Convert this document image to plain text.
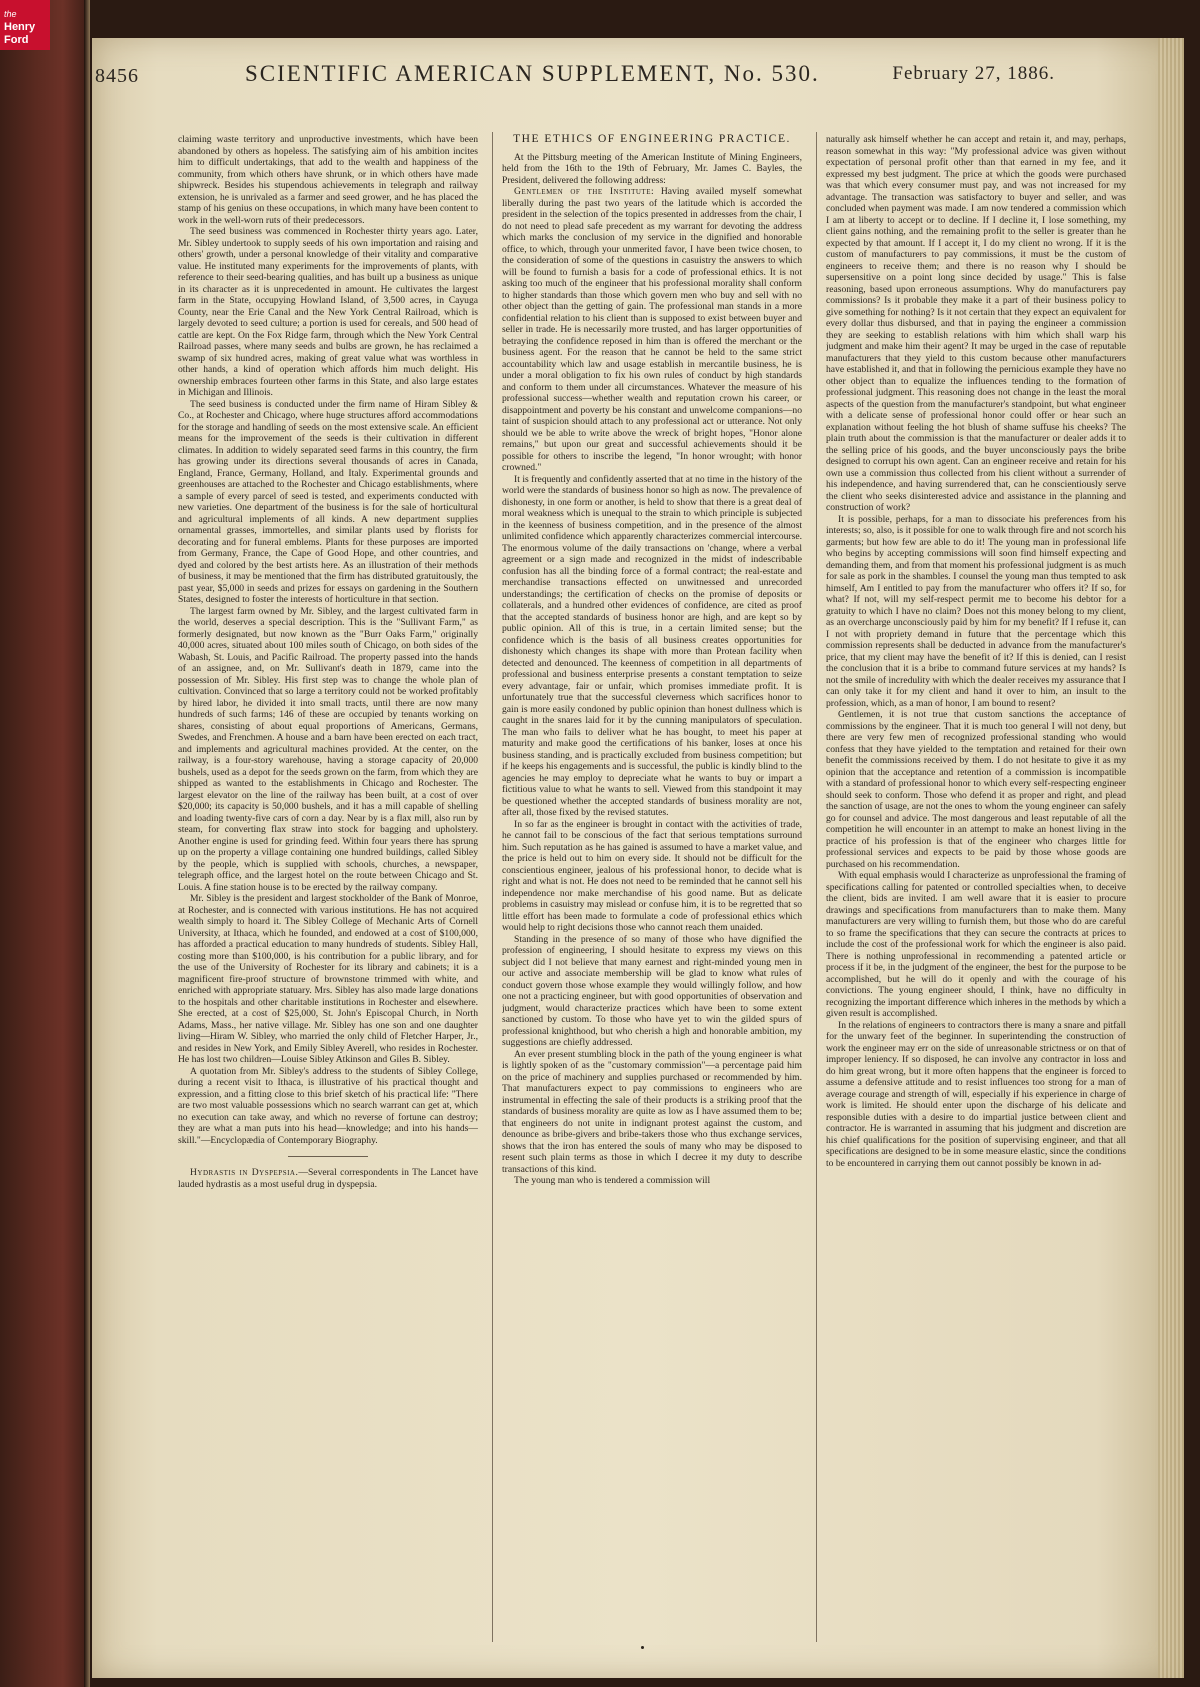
the
Henry
Ford
8456	SCIENTIFIC AMERICAN SUPPLEMENT, No. 530.	February 27, 1886.

claiming waste territory and unproductive investments, which have been abandoned by others as hopeless. The satisfying aim of his ambition incites him to difficult undertakings, that add to the wealth and happiness of the community, from which others have shrunk, or in which others have made shipwreck. Besides his stupendous achievements in telegraph and railway extension, he is unrivaled as a farmer and seed grower, and he has placed the stamp of his genius on these occupations, in which many have been content to work in the well-worn ruts of their predecessors.

The seed business was commenced in Rochester thirty years ago. Later, Mr. Sibley undertook to supply seeds of his own importation and raising and others' growth, under a personal knowledge of their vitality and comparative value. He instituted many experiments for the improvements of plants, with reference to their seed-bearing qualities, and has built up a business as unique in its character as it is unprecedented in amount. He cultivates the largest farm in the State, occupying Howland Island, of 3,500 acres, in Cayuga County, near the Erie Canal and the New York Central Railroad, which is largely devoted to seed culture; a portion is used for cereals, and 500 head of cattle are kept. On the Fox Ridge farm, through which the New York Central Railroad passes, where many seeds and bulbs are grown, he has reclaimed a swamp of six hundred acres, making of great value what was worthless in other hands, a kind of operation which affords him much delight. His ownership embraces fourteen other farms in this State, and also large estates in Michigan and Illinois.

The seed business is conducted under the firm name of Hiram Sibley & Co., at Rochester and Chicago, where huge structures afford accommodations for the storage and handling of seeds on the most extensive scale. An efficient means for the improvement of the seeds is their cultivation in different climates. In addition to widely separated seed farms in this country, the firm has growing under its directions several thousands of acres in Canada, England, France, Germany, Holland, and Italy. Experimental grounds and greenhouses are attached to the Rochester and Chicago establishments, where a sample of every parcel of seed is tested, and experiments conducted with new varieties. One department of the business is for the sale of horticultural and agricultural implements of all kinds. A new department supplies ornamental grasses, immortelles, and similar plants used by florists for decorating and for funeral emblems. Plants for these purposes are imported from Germany, France, the Cape of Good Hope, and other countries, and dyed and colored by the best artists here. As an illustration of their methods of business, it may be mentioned that the firm has distributed gratuitously, the past year, $5,000 in seeds and prizes for essays on gardening in the Southern States, designed to foster the interests of horticulture in that section.

The largest farm owned by Mr. Sibley, and the largest cultivated farm in the world, deserves a special description. This is the "Sullivant Farm," as formerly designated, but now known as the "Burr Oaks Farm," originally 40,000 acres, situated about 100 miles south of Chicago, on both sides of the Wabash, St. Louis, and Pacific Railroad. The property passed into the hands of an assignee, and, on Mr. Sullivant's death in 1879, came into the possession of Mr. Sibley. His first step was to change the whole plan of cultivation. Convinced that so large a territory could not be worked profitably by hired labor, he divided it into small tracts, until there are now many hundreds of such farms; 146 of these are occupied by tenants working on shares, consisting of about equal proportions of Americans, Germans, Swedes, and Frenchmen. A house and a barn have been erected on each tract, and implements and agricultural machines provided. At the center, on the railway, is a four-story warehouse, having a storage capacity of 20,000 bushels, used as a depot for the seeds grown on the farm, from which they are shipped as wanted to the establishments in Chicago and Rochester. The largest elevator on the line of the railway has been built, at a cost of over $20,000; its capacity is 50,000 bushels, and it has a mill capable of shelling and loading twenty-five cars of corn a day. Near by is a flax mill, also run by steam, for converting flax straw into stock for bagging and upholstery. Another engine is used for grinding feed. Within four years there has sprung up on the property a village containing one hundred buildings, called Sibley by the people, which is supplied with schools, churches, a newspaper, telegraph office, and the largest hotel on the route between Chicago and St. Louis. A fine station house is to be erected by the railway company.

Mr. Sibley is the president and largest stockholder of the Bank of Monroe, at Rochester, and is connected with various institutions. He has not acquired wealth simply to hoard it. The Sibley College of Mechanic Arts of Cornell University, at Ithaca, which he founded, and endowed at a cost of $100,000, has afforded a practical education to many hundreds of students. Sibley Hall, costing more than $100,000, is his contribution for a public library, and for the use of the University of Rochester for its library and cabinets; it is a magnificent fire-proof structure of brownstone trimmed with white, and enriched with appropriate statuary. Mrs. Sibley has also made large donations to the hospitals and other charitable institutions in Rochester and elsewhere. She erected, at a cost of $25,000, St. John's Episcopal Church, in North Adams, Mass., her native village. Mr. Sibley has one son and one daughter living—Hiram W. Sibley, who married the only child of Fletcher Harper, Jr., and resides in New York, and Emily Sibley Averell, who resides in Rochester. He has lost two children—Louise Sibley Atkinson and Giles B. Sibley.

A quotation from Mr. Sibley's address to the students of Sibley College, during a recent visit to Ithaca, is illustrative of his practical thought and expression, and a fitting close to this brief sketch of his practical life: "There are two most valuable possessions which no search warrant can get at, which no execution can take away, and which no reverse of fortune can destroy; they are what a man puts into his head—knowledge; and into his hands—skill."—Encyclopædia of Contemporary Biography.

Hydrastis in Dyspepsia.—Several correspondents in The Lancet have lauded hydrastis as a most useful drug in dyspepsia.

THE ETHICS OF ENGINEERING PRACTICE.

At the Pittsburg meeting of the American Institute of Mining Engineers, held from the 16th to the 19th of February, Mr. James C. Bayles, the President, delivered the following address:

Gentlemen of the Institute: Having availed myself somewhat liberally during the past two years of the latitude which is accorded the president in the selection of the topics presented in addresses from the chair, I do not need to plead safe precedent as my warrant for devoting the address which marks the conclusion of my service in the dignified and honorable office, to which, through your unmerited favor, I have been twice chosen, to the consideration of some of the questions in casuistry the answers to which will be found to furnish a basis for a code of professional ethics. It is not asking too much of the engineer that his professional morality shall conform to higher standards than those which govern men who buy and sell with no other object than the getting of gain. The professional man stands in a more confidential relation to his client than is supposed to exist between buyer and seller in trade. He is necessarily more trusted, and has larger opportunities of betraying the confidence reposed in him than is offered the merchant or the business agent. For the reason that he cannot be held to the same strict accountability which law and usage establish in mercantile business, he is under a moral obligation to fix his own rules of conduct by high standards and conform to them under all circumstances. Whatever the measure of his professional success—whether wealth and reputation crown his career, or disappointment and poverty be his constant and unwelcome companions—no taint of suspicion should attach to any professional act or utterance. Not only should we be able to write above the wreck of bright hopes, "Honor alone remains," but upon our great and successful achievements should it be possible for others to inscribe the legend, "In honor wrought; with honor crowned."

It is frequently and confidently asserted that at no time in the history of the world were the standards of business honor so high as now. The prevalence of dishonesty, in one form or another, is held to show that there is a great deal of moral weakness which is unequal to the strain to which principle is subjected in the keenness of business competition, and in the presence of the almost unlimited confidence which apparently characterizes commercial intercourse. The enormous volume of the daily transactions on 'change, where a verbal agreement or a sign made and recognized in the midst of indescribable confusion has all the binding force of a formal contract; the real-estate and merchandise transactions effected on unwitnessed and unrecorded understandings; the certification of checks on the promise of deposits or collaterals, and a hundred other evidences of confidence, are cited as proof that the accepted standards of business honor are high, and are kept so by public opinion. All of this is true, in a certain limited sense; but the confidence which is the basis of all business creates opportunities for dishonesty which changes its shape with more than Protean facility when detected and denounced. The keenness of competition in all departments of professional and business enterprise presents a constant temptation to seize every advantage, fair or unfair, which promises immediate profit. It is unfortunately true that the successful cleverness which sacrifices honor to gain is more easily condoned by public opinion than honest dullness which is caught in the snares laid for it by the cunning manipulators of speculation. The man who fails to deliver what he has bought, to meet his paper at maturity and make good the certifications of his banker, loses at once his business standing, and is practically excluded from business competition; but if he keeps his engagements and is successful, the public is kindly blind to the agencies he may employ to depreciate what he wants to buy or impart a fictitious value to what he wants to sell. Viewed from this standpoint it may be questioned whether the accepted standards of business morality are not, after all, those fixed by the revised statutes.

In so far as the engineer is brought in contact with the activities of trade, he cannot fail to be conscious of the fact that serious temptations surround him. Such reputation as he has gained is assumed to have a market value, and the price is held out to him on every side. It should not be difficult for the conscientious engineer, jealous of his professional honor, to decide what is right and what is not. He does not need to be reminded that he cannot sell his independence nor make merchandise of his good name. But as delicate problems in casuistry may mislead or confuse him, it is to be regretted that so little effort has been made to formulate a code of professional ethics which would help to right decisions those who cannot reach them unaided.

Standing in the presence of so many of those who have dignified the profession of engineering, I should hesitate to express my views on this subject did I not believe that many earnest and right-minded young men in our active and associate membership will be glad to know what rules of conduct govern those whose example they would willingly follow, and how one not a practicing engineer, but with good opportunities of observation and judgment, would characterize practices which have been to some extent sanctioned by custom. To those who have yet to win the gilded spurs of professional knighthood, but who cherish a high and honorable ambition, my suggestions are chiefly addressed.

An ever present stumbling block in the path of the young engineer is what is lightly spoken of as the "customary commission"—a percentage paid him on the price of machinery and supplies purchased or recommended by him. That manufacturers expect to pay commissions to engineers who are instrumental in effecting the sale of their products is a striking proof that the standards of business morality are quite as low as I have assumed them to be; that engineers do not unite in indignant protest against the custom, and denounce as bribe-givers and bribe-takers those who thus exchange services, shows that the iron has entered the souls of many who may be disposed to resent such plain terms as those in which I decree it my duty to describe transactions of this kind.

The young man who is tendered a commission will

naturally ask himself whether he can accept and retain it, and may, perhaps, reason somewhat in this way: "My professional advice was given without expectation of personal profit other than that earned in my fee, and it expressed my best judgment. The price at which the goods were purchased was that which every consumer must pay, and was not increased for my advantage. The transaction was satisfactory to buyer and seller, and was concluded when payment was made. I am now tendered a commission which I am at liberty to accept or to decline. If I decline it, I lose something, my client gains nothing, and the remaining profit to the seller is greater than he expected by that amount. If I accept it, I do my client no wrong. If it is the custom of manufacturers to pay commissions, it must be the custom of engineers to receive them; and there is no reason why I should be supersensitive on a point long since decided by usage." This is false reasoning, based upon erroneous assumptions. Why do manufacturers pay commissions? Is it probable they make it a part of their business policy to give something for nothing? Is it not certain that they expect an equivalent for every dollar thus disbursed, and that in paying the engineer a commission they are seeking to establish relations with him which shall warp his judgment and make him their agent? It may be urged in the case of reputable manufacturers that they yield to this custom because other manufacturers have established it, and that in following the pernicious example they have no other object than to equalize the influences tending to the formation of professional judgment. This reasoning does not change in the least the moral aspects of the question from the manufacturer's standpoint, but what engineer with a delicate sense of professional honor could offer or hear such an explanation without feeling the hot blush of shame suffuse his cheeks? The plain truth about the commission is that the manufacturer or dealer adds it to the selling price of his goods, and the buyer unconsciously pays the bribe designed to corrupt his own agent. Can an engineer receive and retain for his own use a commission thus collected from his client without a surrender of his independence, and having surrendered that, can he conscientiously serve the client who seeks disinterested advice and assistance in the planning and construction of work?

It is possible, perhaps, for a man to dissociate his preferences from his interests; so, also, is it possible for one to walk through fire and not scorch his garments; but how few are able to do it! The young man in professional life who begins by accepting commissions will soon find himself expecting and demanding them, and from that moment his professional judgment is as much for sale as pork in the shambles. I counsel the young man thus tempted to ask himself, Am I entitled to pay from the manufacturer who offers it? If so, for what? If not, will my self-respect permit me to become his debtor for a gratuity to which I have no claim? Does not this money belong to my client, as an overcharge unconsciously paid by him for my benefit? If I refuse it, can I not with propriety demand in future that the percentage which this commission represents shall be deducted in advance from the manufacturer's price, that my client may have the benefit of it? If this is denied, can I resist the conclusion that it is a bribe to command future services at my hands? Is not the smile of incredulity with which the dealer receives my assurance that I can only take it for my client and hand it over to him, an insult to the profession, which, as a man of honor, I am bound to resent?

Gentlemen, it is not true that custom sanctions the acceptance of commissions by the engineer. That it is much too general I will not deny, but there are very few men of recognized professional standing who would confess that they have yielded to the temptation and retained for their own benefit the commissions received by them. I do not hesitate to give it as my opinion that the acceptance and retention of a commission is incompatible with a standard of professional honor to which every self-respecting engineer should seek to conform. Those who defend it as proper and right, and plead the sanction of usage, are not the ones to whom the young engineer can safely go for counsel and advice. The most dangerous and least reputable of all the competition he will encounter in an attempt to make an honest living in the practice of his profession is that of the engineer who charges little for professional services and expects to be paid by those whose goods are purchased on his recommendation.

With equal emphasis would I characterize as unprofessional the framing of specifications calling for patented or controlled specialties when, to deceive the client, bids are invited. I am well aware that it is easier to procure drawings and specifications from manufacturers than to make them. Many manufacturers are very willing to furnish them, but those who do are careful to so frame the specifications that they can secure the contracts at prices to include the cost of the professional work for which the engineer is also paid. There is nothing unprofessional in recommending a patented article or process if it be, in the judgment of the engineer, the best for the purpose to be accomplished, but he will do it openly and with the courage of his convictions. The young engineer should, I think, have no difficulty in recognizing the important difference which inheres in the methods by which a given result is accomplished.

In the relations of engineers to contractors there is many a snare and pitfall for the unwary feet of the beginner. In superintending the construction of work the engineer may err on the side of unreasonable strictness or on that of improper leniency. If so disposed, he can involve any contractor in loss and do him great wrong, but it more often happens that the engineer is forced to assume a defensive attitude and to resist influences too strong for a man of average courage and strength of will, especially if his experience in charge of work is limited. He should enter upon the discharge of his delicate and responsible duties with a desire to do impartial justice between client and contractor. He is warranted in assuming that his judgment and discretion are his chief qualifications for the position of supervising engineer, and that all specifications are designed to be in some measure elastic, since the conditions to be encountered in carrying them out cannot possibly be known in ad-
